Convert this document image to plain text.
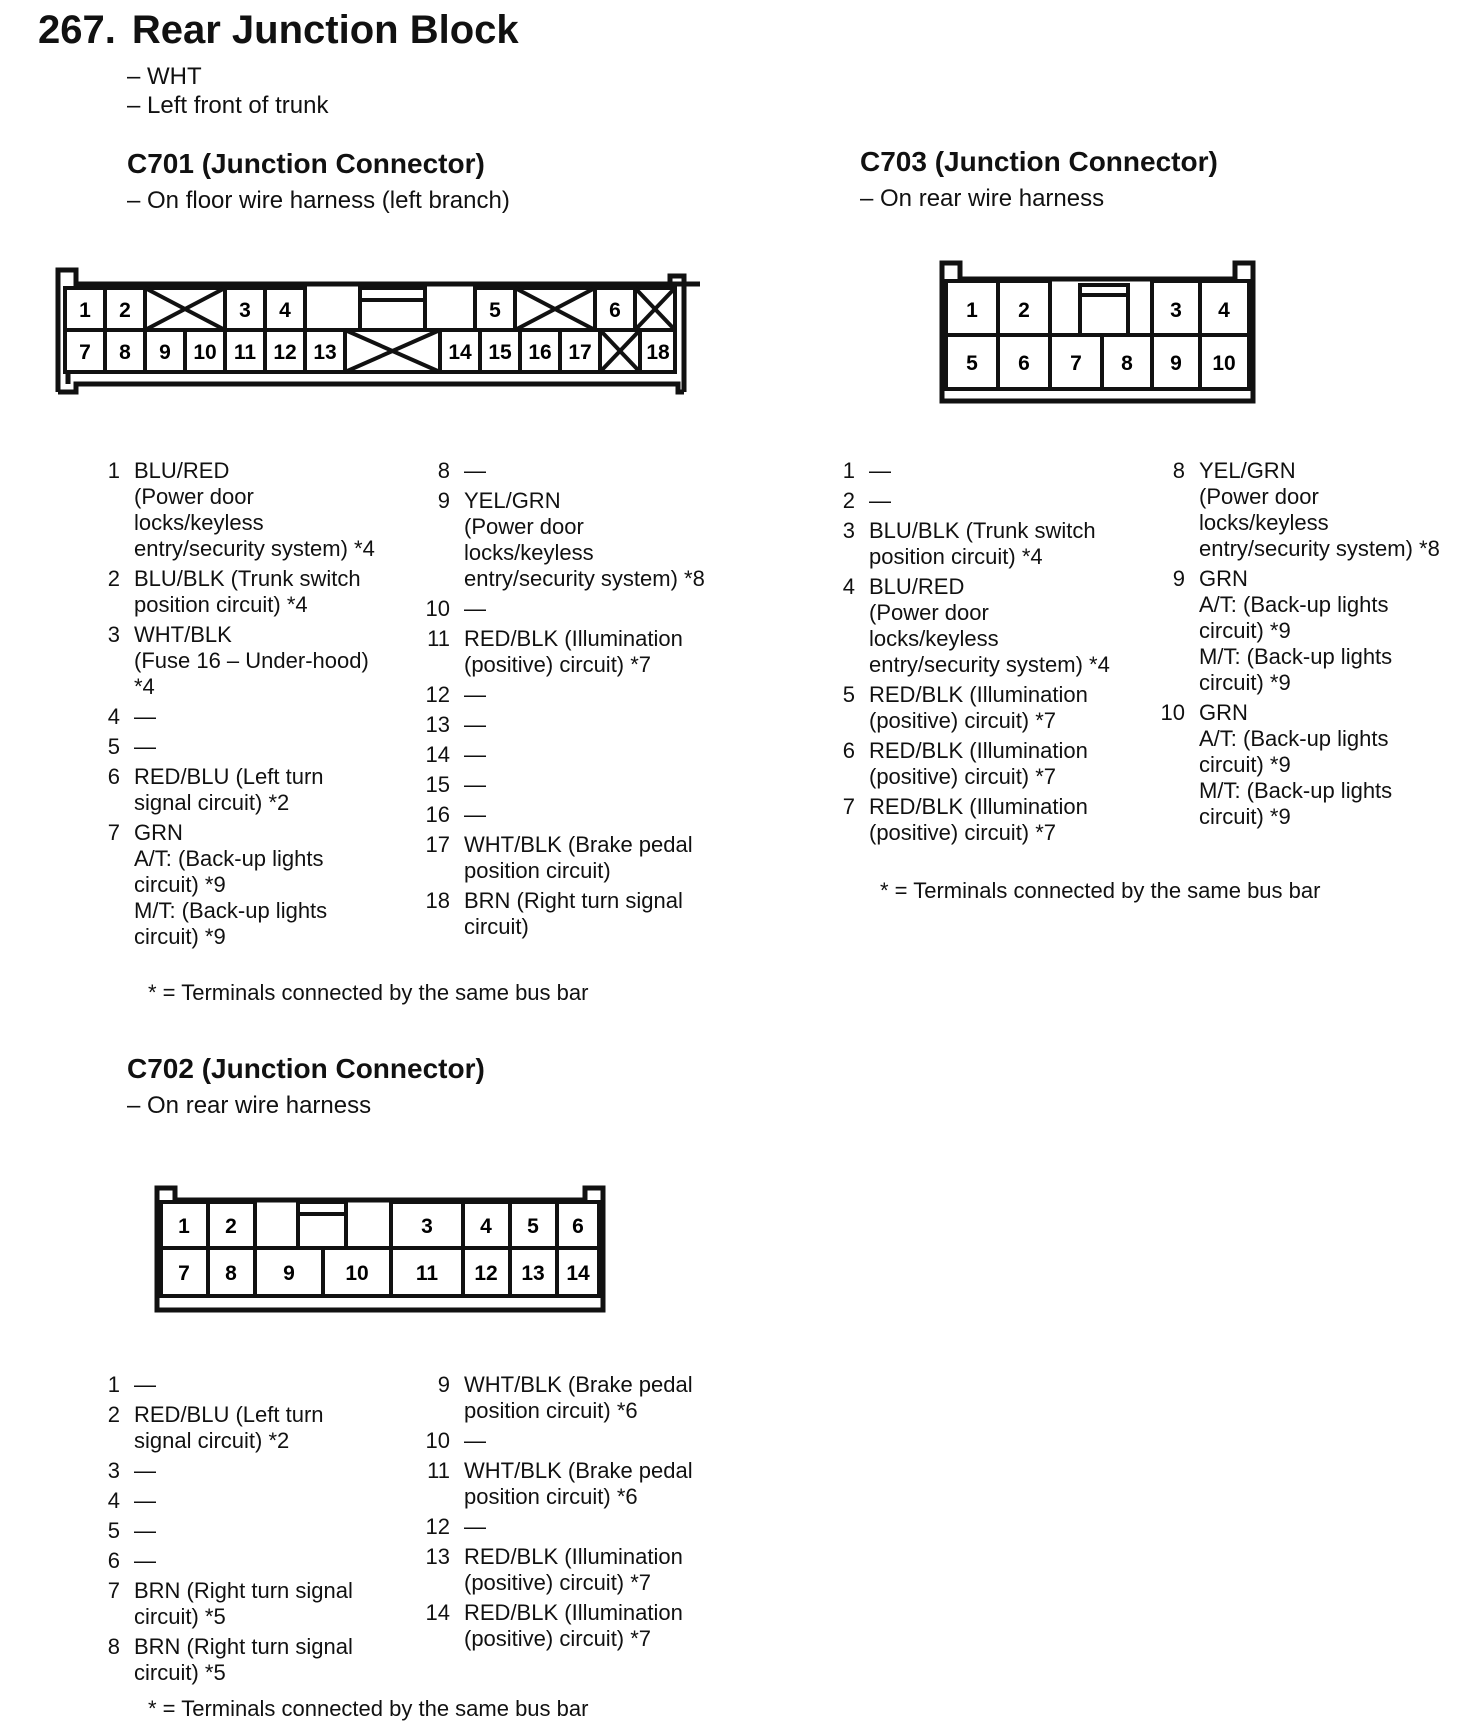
267. Rear Junction Block
– WHT
– Left front of trunk
C701 (Junction Connector)
– On floor wire harness (left branch)
1 2	3 4	5	6
7 8 9 10 11 12 13	14 15 16 17	18
1 BLU/RED
(Power door
locks/keyless
entry/security system) *4
2 BLU/BLK (Trunk switch
position circuit) *4
3 WHT/BLK
(Fuse 16 – Under-hood)
*4
4 —
5 —
6 RED/BLU (Left turn
signal circuit) *2
7 GRN
A/T: (Back-up lights
circuit) *9
M/T: (Back-up lights
circuit) *9
8 —
9 YEL/GRN
(Power door
locks/keyless
entry/security system) *8
10 —
11 RED/BLK (Illumination
(positive) circuit) *7
12 —
13 —
14 —
15 —
16 —
17 WHT/BLK (Brake pedal
position circuit)
18 BRN (Right turn signal
circuit)
* = Terminals connected by the same bus bar
C703 (Junction Connector)
– On rear wire harness
1 2	3 4
5 6 7 8 9 10
1 —
2 —
3 BLU/BLK (Trunk switch
position circuit) *4
4 BLU/RED
(Power door
locks/keyless
entry/security system) *4
5 RED/BLK (Illumination
(positive) circuit) *7
6 RED/BLK (Illumination
(positive) circuit) *7
7 RED/BLK (Illumination
(positive) circuit) *7
8 YEL/GRN
(Power door
locks/keyless
entry/security system) *8
9 GRN
A/T: (Back-up lights
circuit) *9
M/T: (Back-up lights
circuit) *9
10 GRN
A/T: (Back-up lights
circuit) *9
M/T: (Back-up lights
circuit) *9
* = Terminals connected by the same bus bar
C702 (Junction Connector)
– On rear wire harness
1 2	3 4 5 6
7 8 9 10 11 12 13 14
1 —
2 RED/BLU (Left turn
signal circuit) *2
3 —
4 —
5 —
6 —
7 BRN (Right turn signal
circuit) *5
8 BRN (Right turn signal
circuit) *5
9 WHT/BLK (Brake pedal
position circuit) *6
10 —
11 WHT/BLK (Brake pedal
position circuit) *6
12 —
13 RED/BLK (Illumination
(positive) circuit) *7
14 RED/BLK (Illumination
(positive) circuit) *7
* = Terminals connected by the same bus bar
